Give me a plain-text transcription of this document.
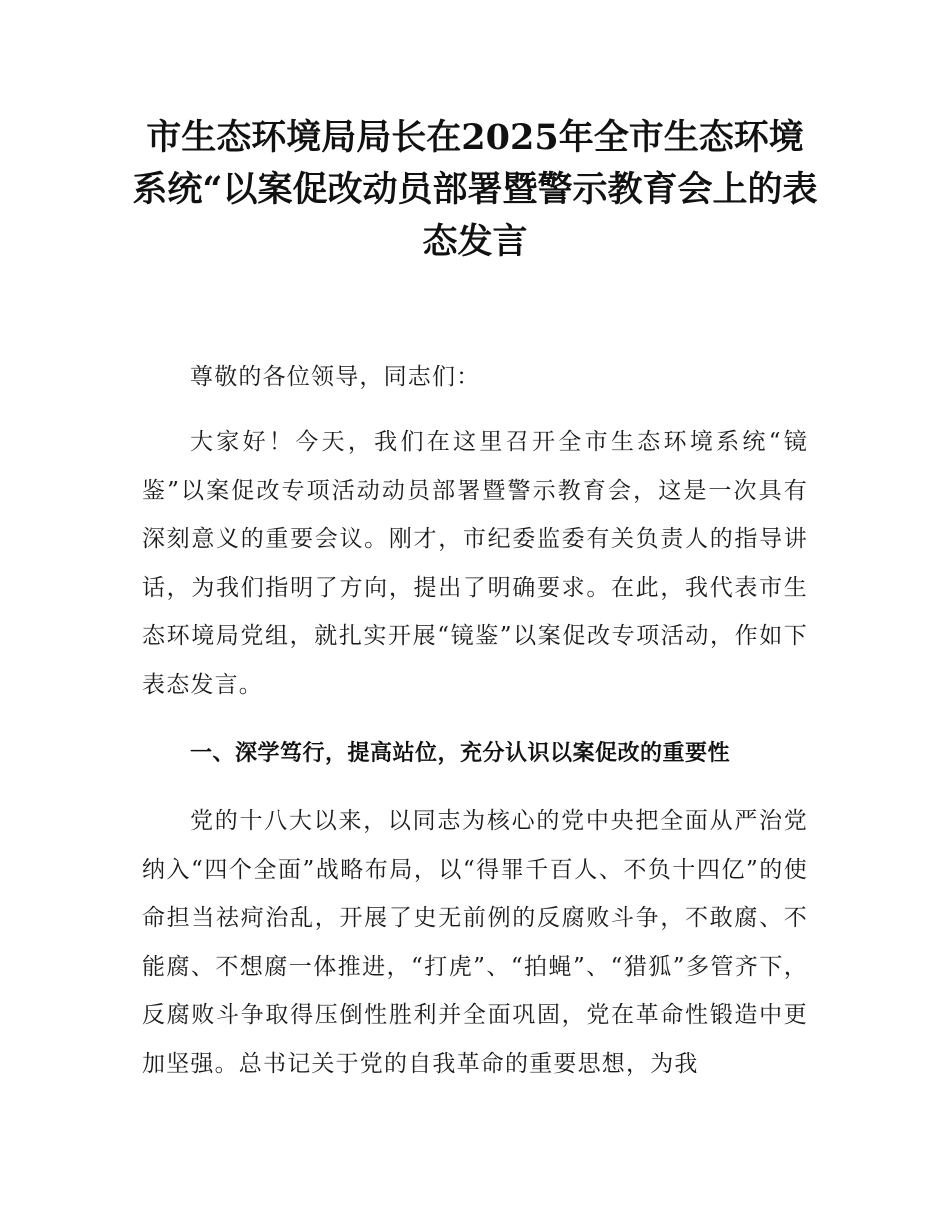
市生态环境局局长在2025年全市生态环境系统“以案促改动员部署暨警示教育会上的表态发言

尊敬的各位领导，同志们：

大家好！今天，我们在这里召开全市生态环境系统“镜鉴”以案促改专项活动动员部署暨警示教育会，这是一次具有深刻意义的重要会议。刚才，市纪委监委有关负责人的指导讲话，为我们指明了方向，提出了明确要求。在此，我代表市生态环境局党组，就扎实开展“镜鉴”以案促改专项活动，作如下表态发言。

一、深学笃行，提高站位，充分认识以案促改的重要性

党的十八大以来，以同志为核心的党中央把全面从严治党纳入“四个全面”战略布局，以“得罪千百人、不负十四亿”的使命担当祛疴治乱，开展了史无前例的反腐败斗争，不敢腐、不能腐、不想腐一体推进，“打虎”、“拍蝇”、“猎狐”多管齐下，反腐败斗争取得压倒性胜利并全面巩固，党在革命性锻造中更加坚强。总书记关于党的自我革命的重要思想，为我
